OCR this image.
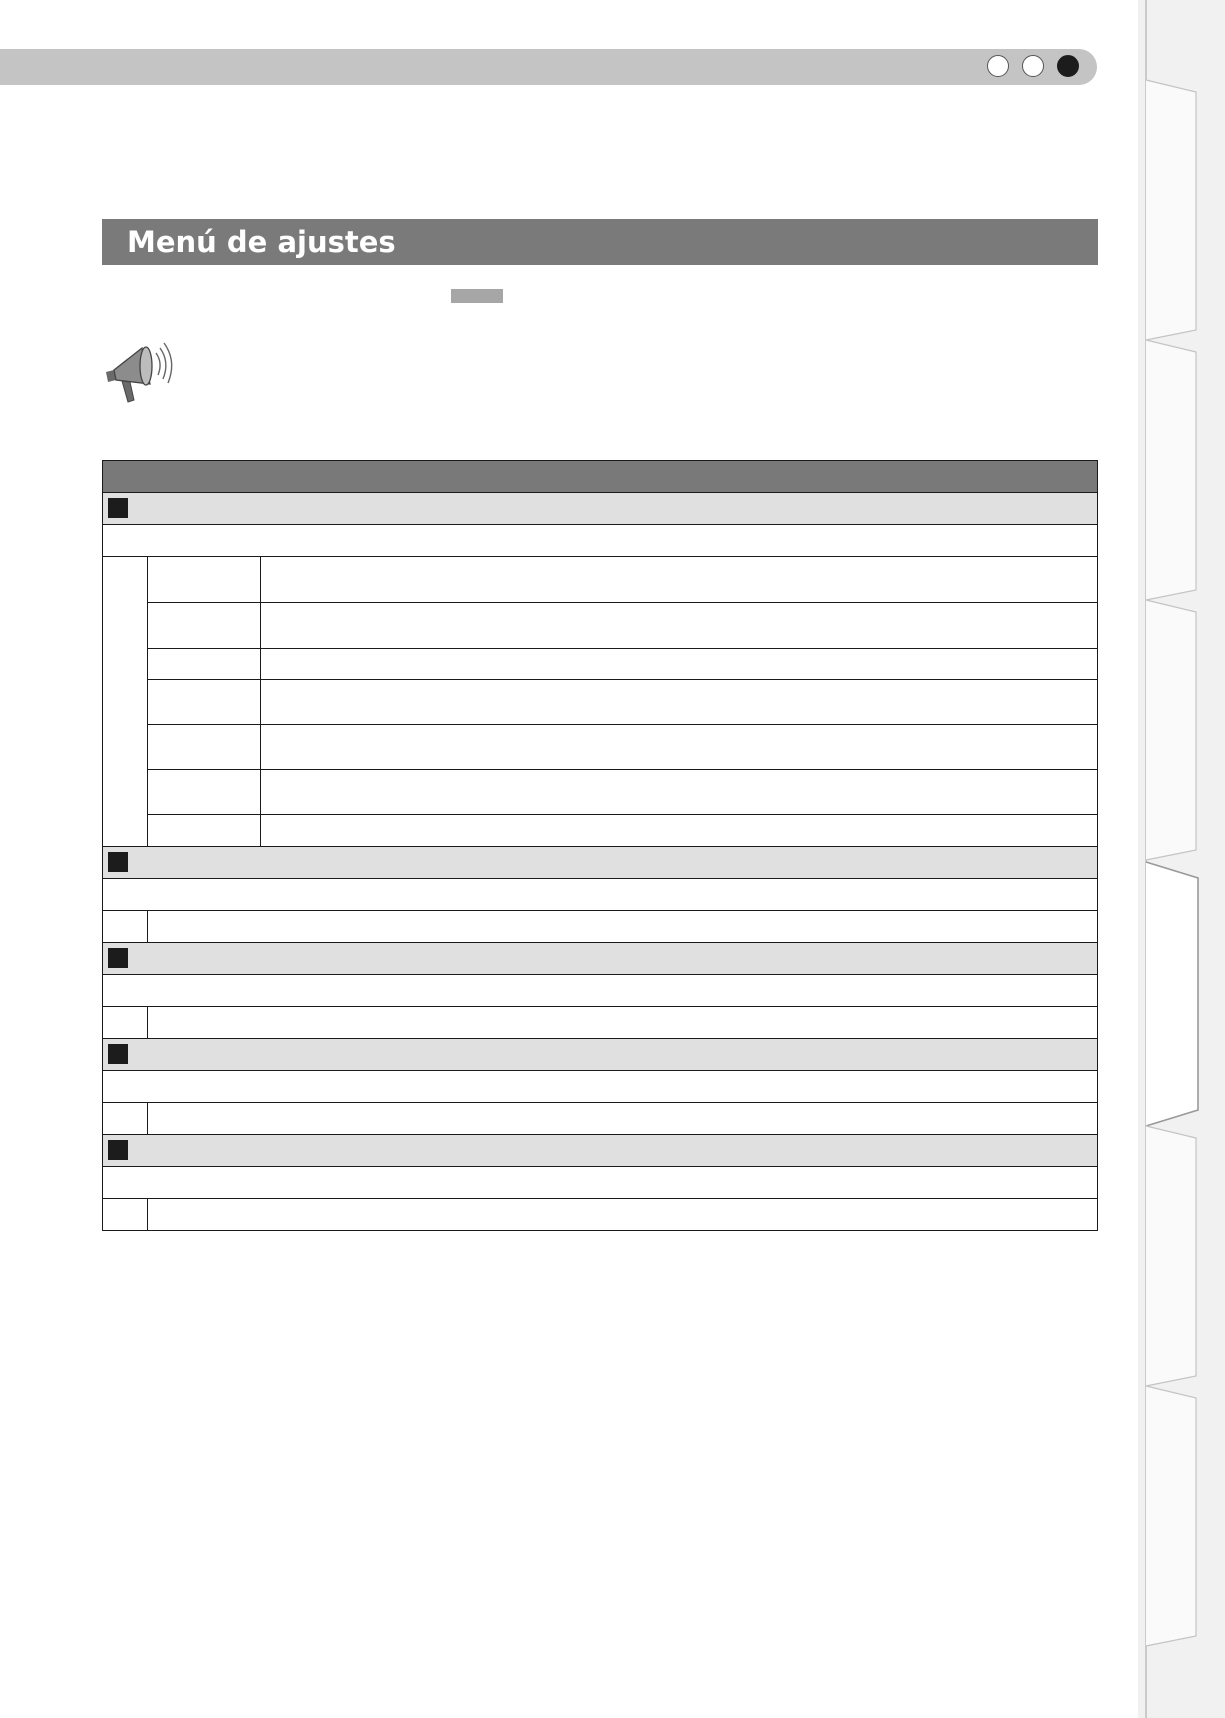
Menú de ajustes
